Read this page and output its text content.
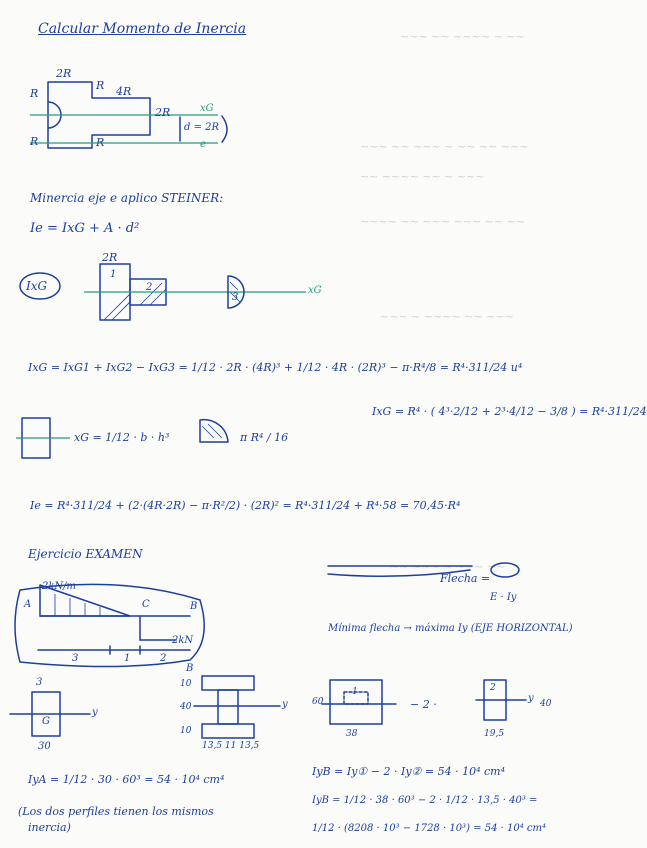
~~~ ~~ ~~~~ ~ ~~
~~~ ~~ ~~~ ~ ~~ ~~ ~~~
~~ ~~~~ ~~ ~ ~~~
~~~~ ~~ ~~~ ~~~ ~~ ~~
~~~ ~ ~~~~ ~~ ~~~
~~ ~~~ ~ ~~~ ~~
Calcular Momento de Inercia
2R
R
R 4R
2R	xG
e
d = 2R
R	R
Minercia eje e aplico STEINER:
Ie = IxG + A · d²
IxG
2R
1
2
3
xG
IxG = IxG1 + IxG2 − IxG3 = 1/12 · 2R · (4R)³ + 1/12 · 4R · (2R)³ − π·R⁴/8 = R⁴·311/24 u⁴
IxG = R⁴ · ( 4³·2/12 + 2³·4/12 − 3/8 ) = R⁴·311/24
xG = 1/12 · b · h³	π R⁴ / 16
Ie = R⁴·311/24 + (2·(4R·2R) − π·R²/2) · (2R)² = R⁴·311/24 + R⁴·58 = 70,45·R⁴
Ejercicio EXAMEN
2kN/m
A	B
C
2kN
3	1	2
Flecha =
E · Iy
Mínima flecha → máxima Iy (EJE HORIZONTAL)
3
G
30
y
B
10
40
10
13,5 11 13,5
y	60
1
38
− 2 ·
2
y 40
19,5
IyA = 1/12 · 30 · 60³ = 54 · 10⁴ cm⁴
(Los dos perfiles tienen los mismos
inercia)
IyB = Iy① − 2 · Iy② = 54 · 10⁴ cm⁴
IyB = 1/12 · 38 · 60³ − 2 · 1/12 · 13,5 · 40³ =
1/12 · (8208 · 10³ − 1728 · 10³) = 54 · 10⁴ cm⁴
